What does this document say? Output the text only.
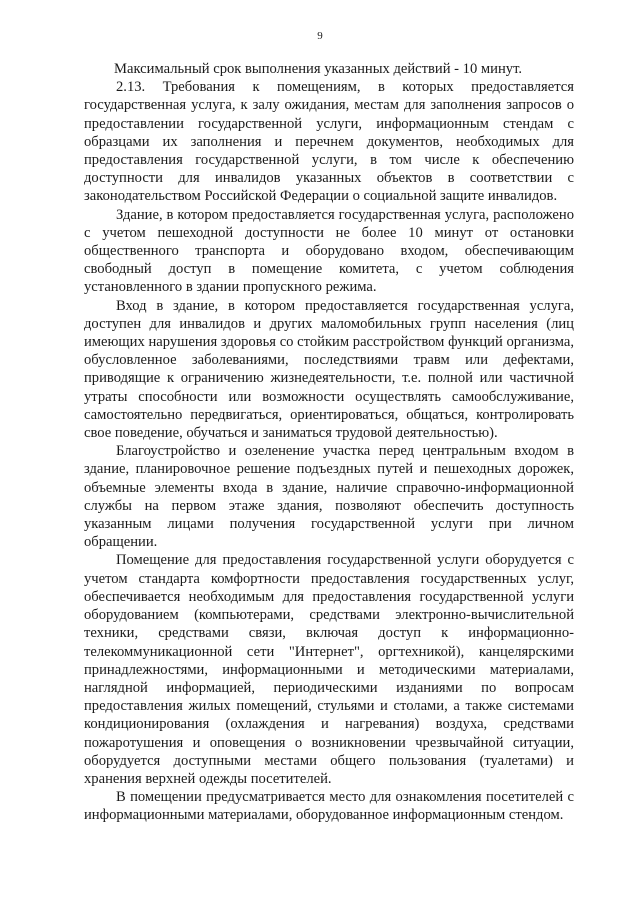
9

Максимальный срок выполнения указанных действий - 10 минут.

2.13. Требования к помещениям, в которых предоставляется государственная услуга, к залу ожидания, местам для заполнения запросов о предоставлении государственной услуги, информационным стендам с образцами их заполнения и перечнем документов, необходимых для предоставления государственной услуги, в том числе к обеспечению доступности для инвалидов указанных объектов в соответствии с законодательством Российской Федерации о социальной защите инвалидов.

Здание, в котором предоставляется государственная услуга, расположено с учетом пешеходной доступности не более 10 минут от остановки общественного транспорта и оборудовано входом, обеспечивающим свободный доступ в помещение комитета, с учетом соблюдения установленного в здании пропускного режима.

Вход в здание, в котором предоставляется государственная услуга, доступен для инвалидов и других маломобильных групп населения (лиц имеющих нарушения здоровья со стойким расстройством функций организма, обусловленное заболеваниями, последствиями травм или дефектами, приводящие к ограничению жизнедеятельности, т.е. полной или частичной утраты способности или возможности осуществлять самообслуживание, самостоятельно передвигаться, ориентироваться, общаться, контролировать свое поведение, обучаться и заниматься трудовой деятельностью).

Благоустройство и озеленение участка перед центральным входом в здание, планировочное решение подъездных путей и пешеходных дорожек, объемные элементы входа в здание, наличие справочно-информационной службы на первом этаже здания, позволяют обеспечить доступность указанным лицами получения государственной услуги при личном обращении.

Помещение для предоставления государственной услуги оборудуется с учетом стандарта комфортности предоставления государственных услуг, обеспечивается необходимым для предоставления государственной услуги оборудованием (компьютерами, средствами электронно-вычислительной техники, средствами связи, включая доступ к информационно-телекоммуникационной сети "Интернет", оргтехникой), канцелярскими принадлежностями, информационными и методическими материалами, наглядной информацией, периодическими изданиями по вопросам предоставления жилых помещений, стульями и столами, а также системами кондиционирования (охлаждения и нагревания) воздуха, средствами пожаротушения и оповещения о возникновении чрезвычайной ситуации, оборудуется доступными местами общего пользования (туалетами) и хранения верхней одежды посетителей.

В помещении предусматривается место для ознакомления посетителей с информационными материалами, оборудованное информационным стендом.
